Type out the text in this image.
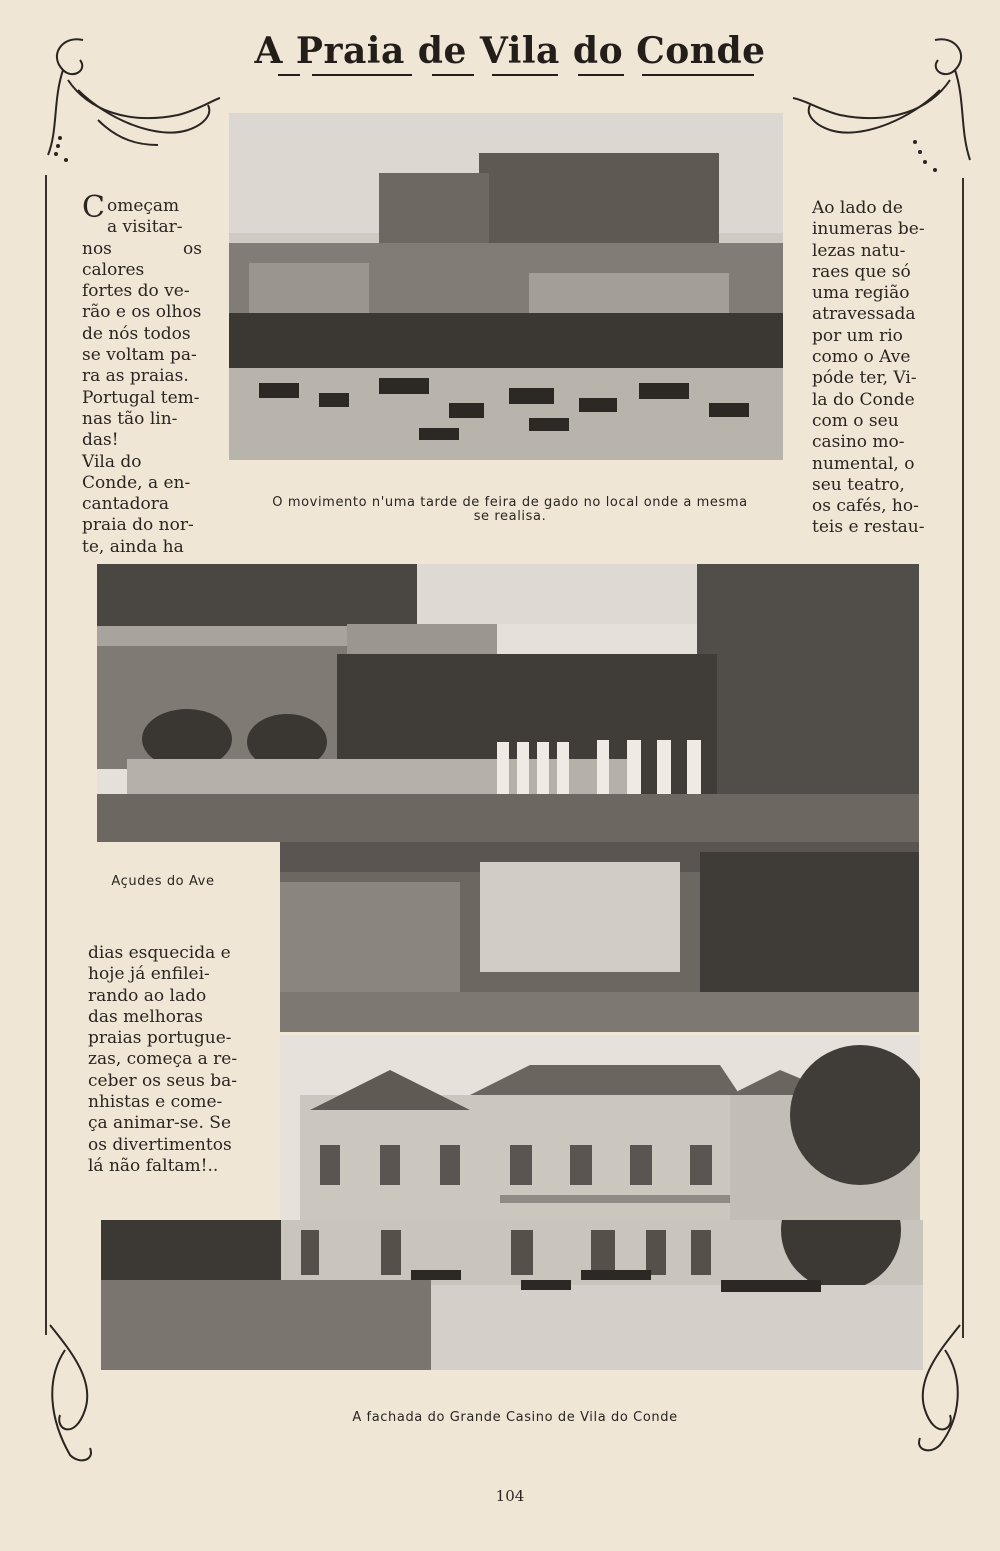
A Praia de Vila do Conde
C omeçam
a visitar-
nos os calores
fortes do ve-
rão e os olhos
de nós todos
se voltam pa-
ra as praias.
Portugal tem-
nas tão lin-
das!

Vila do
Conde, a en-
cantadora
praia do nor-
te, ainda ha

Ao lado de
inumeras be-
lezas natu-
raes que só
uma região
atravessada
por um rio
como o Ave
póde ter, Vi-
la do Conde
com o seu
casino mo-
numental, o
seu teatro,
os cafés, ho-
teis e restau-

O movimento n'uma tarde de feira de gado no local onde a mesma
se realisa.
Açudes do Ave

dias esquecida e
hoje já enfilei-
rando ao lado
das melhoras
praias portugue-
zas, começa a re-
ceber os seus ba-
nhistas e come-
ça animar-se. Se
os divertimentos
lá não faltam!..

A fachada do Grande Casino de Vila do Conde
104
